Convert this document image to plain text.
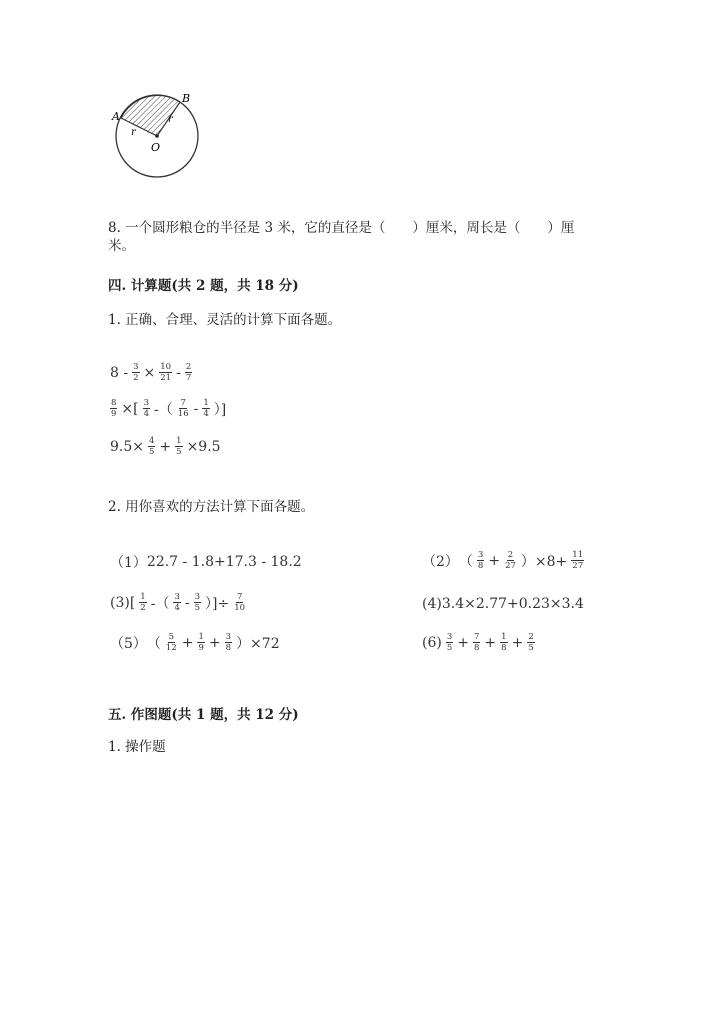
A
B
O
r
r
8. 一个圆形粮仓的半径是 3 米，它的直径是（　　）厘米，周长是（　　）厘
米。
四. 计算题(共 2 题，共 18 分)
1. 正确、合理、灵活的计算下面各题。
$8 - \frac{3}{2} \times \frac{10}{21} - \frac{2}{7}$
$\frac{8}{9}$ ×[ $\frac{3}{4}$ -（ $\frac{7}{16} - \frac{1}{4}$ ）]
$9.5\times \frac{4}{5} + \frac{1}{5} \times 9.5$
2. 用你喜欢的方法计算下面各题。
（1） 22.7 - 1.8+17.3 - 18.2	（2） （ $\frac{3}{8} + \frac{2}{27} )\times 8+ \frac{11}{27}$
$(3)[ \frac{1}{2}$ -（ $\frac{3}{4} - \frac{3}{5}$ ）]÷ $\frac{7}{10}$	(4) 3.4×2.77+0.23×3.4
（5） （ $\frac{5}{12} + \frac{1}{9} + \frac{3}{8} )\times 72$	$(6) \frac{3}{5} + \frac{7}{8} + \frac{1}{8} + \frac{2}{5}$
五. 作图题(共 1 题，共 12 分)
1. 操作题
